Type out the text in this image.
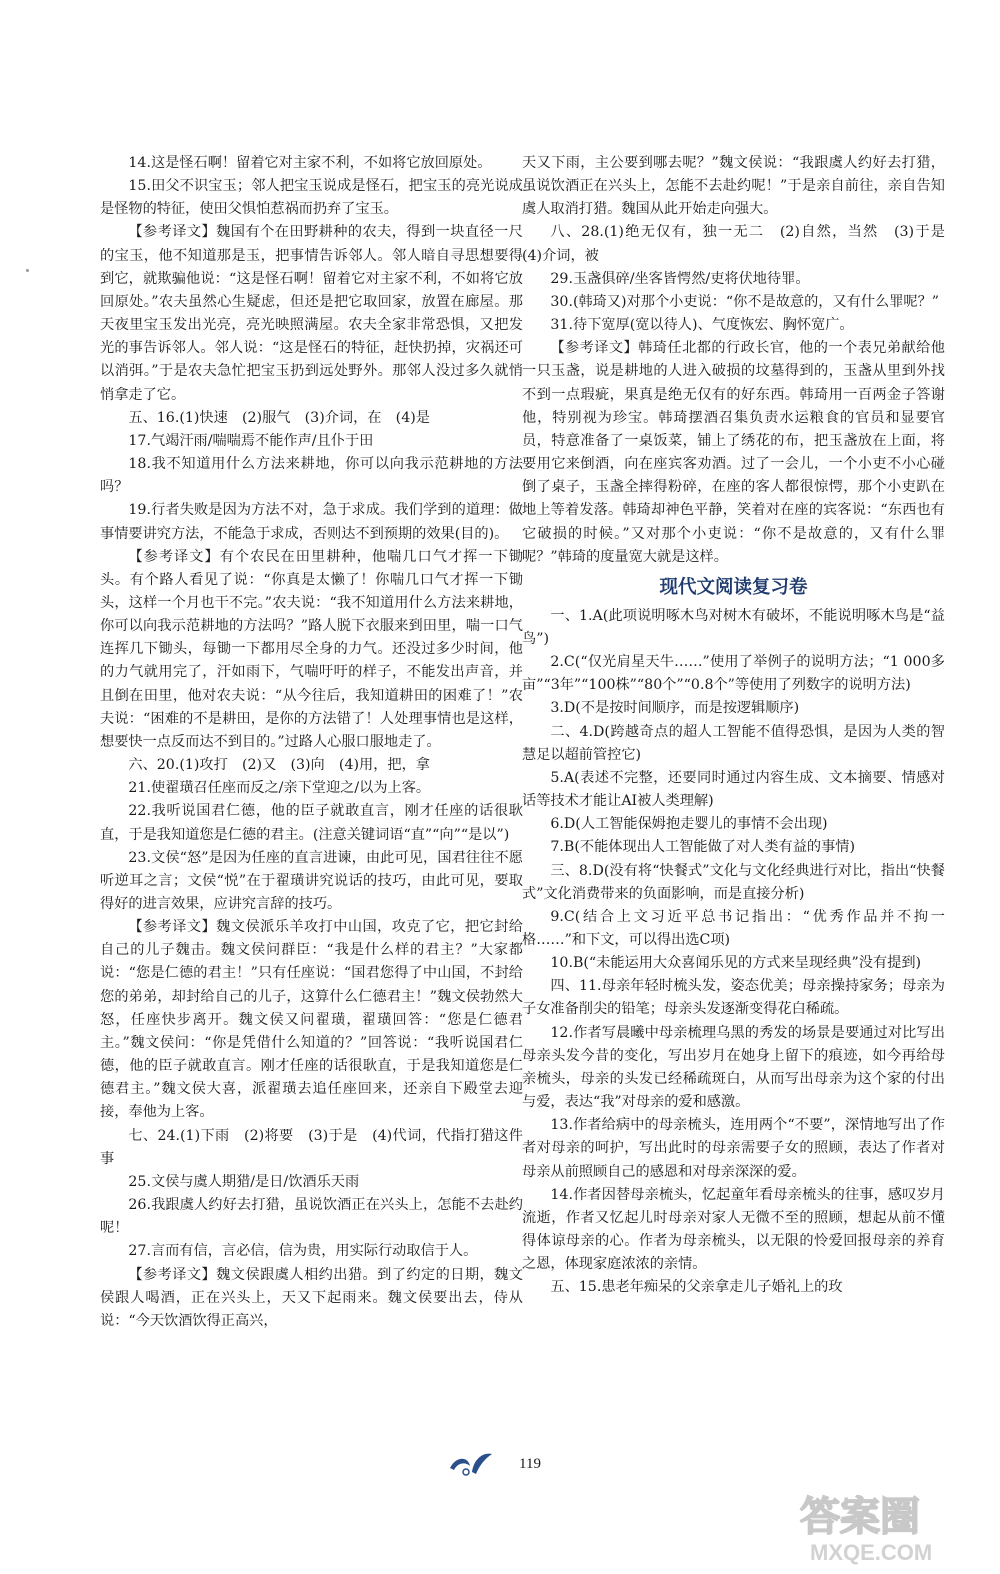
14.这是怪石啊！留着它对主家不利，不如将它放回原处。

15.田父不识宝玉；邻人把宝玉说成是怪石，把宝玉的亮光说成是怪物的特征，使田父惧怕惹祸而扔弃了宝玉。

【参考译文】魏国有个在田野耕种的农夫，得到一块直径一尺的宝玉，他不知道那是玉，把事情告诉邻人。邻人暗自寻思想要得到它，就欺骗他说：“这是怪石啊！留着它对主家不利，不如将它放回原处。”农夫虽然心生疑虑，但还是把它取回家，放置在廊屋。那天夜里宝玉发出光亮，亮光映照满屋。农夫全家非常恐惧，又把发光的事告诉邻人。邻人说：“这是怪石的特征，赶快扔掉，灾祸还可以消弭。”于是农夫急忙把宝玉扔到远处野外。那邻人没过多久就悄悄拿走了它。

五、16.(1)快速　(2)服气　(3)介词，在　(4)是

17.气竭汗雨/喘喘焉不能作声/且仆于田

18.我不知道用什么方法来耕地，你可以向我示范耕地的方法吗？

19.行者失败是因为方法不对，急于求成。我们学到的道理：做事情要讲究方法，不能急于求成，否则达不到预期的效果(目的)。

【参考译文】有个农民在田里耕种，他喘几口气才挥一下锄头。有个路人看见了说：“你真是太懒了！你喘几口气才挥一下锄头，这样一个月也干不完。”农夫说：“我不知道用什么方法来耕地，你可以向我示范耕地的方法吗？”路人脱下衣服来到田里，喘一口气连挥几下锄头，每锄一下都用尽全身的力气。还没过多少时间，他的力气就用完了，汗如雨下，气喘吁吁的样子，不能发出声音，并且倒在田里，他对农夫说：“从今往后，我知道耕田的困难了！”农夫说：“困难的不是耕田，是你的方法错了！人处理事情也是这样，想要快一点反而达不到目的。”过路人心服口服地走了。

六、20.(1)攻打　(2)又　(3)向　(4)用，把，拿

21.使翟璜召任座而反之/亲下堂迎之/以为上客。

22.我听说国君仁德，他的臣子就敢直言，刚才任座的话很耿直，于是我知道您是仁德的君主。(注意关键词语“直”“向”“是以”)

23.文侯“怒”是因为任座的直言进谏，由此可见，国君往往不愿听逆耳之言；文侯“悦”在于翟璜讲究说话的技巧，由此可见，要取得好的进言效果，应讲究言辞的技巧。

【参考译文】魏文侯派乐羊攻打中山国，攻克了它，把它封给自己的儿子魏击。魏文侯问群臣：“我是什么样的君主？”大家都说：“您是仁德的君主！”只有任座说：“国君您得了中山国，不封给您的弟弟，却封给自己的儿子，这算什么仁德君主！”魏文侯勃然大怒，任座快步离开。魏文侯又问翟璜，翟璜回答：“您是仁德君主。”魏文侯问：“你是凭借什么知道的？”回答说：“我听说国君仁德，他的臣子就敢直言。刚才任座的话很耿直，于是我知道您是仁德君主。”魏文侯大喜，派翟璜去追任座回来，还亲自下殿堂去迎接，奉他为上客。

七、24.(1)下雨　(2)将要　(3)于是　(4)代词，代指打猎这件事

25.文侯与虞人期猎/是日/饮酒乐天雨

26.我跟虞人约好去打猎，虽说饮酒正在兴头上，怎能不去赴约呢！

27.言而有信，言必信，信为贵，用实际行动取信于人。

【参考译文】魏文侯跟虞人相约出猎。到了约定的日期，魏文侯跟人喝酒，正在兴头上，天又下起雨来。魏文侯要出去，侍从说：“今天饮酒饮得正高兴，

天又下雨，主公要到哪去呢？”魏文侯说：“我跟虞人约好去打猎，虽说饮酒正在兴头上，怎能不去赴约呢！”于是亲自前往，亲自告知虞人取消打猎。魏国从此开始走向强大。

八、28.(1)绝无仅有，独一无二　(2)自然，当然　(3)于是　(4)介词，被

29.玉盏俱碎/坐客皆愕然/吏将伏地待罪。

30.(韩琦又)对那个小吏说：“你不是故意的，又有什么罪呢？”

31.待下宽厚(宽以待人)、气度恢宏、胸怀宽广。

【参考译文】韩琦任北都的行政长官，他的一个表兄弟献给他一只玉盏，说是耕地的人进入破损的坟墓得到的，玉盏从里到外找不到一点瑕疵，果真是绝无仅有的好东西。韩琦用一百两金子答谢他，特别视为珍宝。韩琦摆酒召集负责水运粮食的官员和显要官员，特意准备了一桌饭菜，铺上了绣花的布，把玉盏放在上面，将要用它来倒酒，向在座宾客劝酒。过了一会儿，一个小吏不小心碰倒了桌子，玉盏全摔得粉碎，在座的客人都很惊愕，那个小吏趴在地上等着发落。韩琦却神色平静，笑着对在座的宾客说：“东西也有它破损的时候。”又对那个小吏说：“你不是故意的，又有什么罪呢？”韩琦的度量宽大就是这样。

现代文阅读复习卷

一、1.A(此项说明啄木鸟对树木有破坏，不能说明啄木鸟是“益鸟”)

2.C(“仅光肩星天牛……”使用了举例子的说明方法；“1 000多亩”“3年”“100株”“80个”“0.8个”等使用了列数字的说明方法)

3.D(不是按时间顺序，而是按逻辑顺序)

二、4.D(跨越奇点的超人工智能不值得恐惧，是因为人类的智慧足以超前管控它)

5.A(表述不完整，还要同时通过内容生成、文本摘要、情感对话等技术才能让AI被人类理解)

6.D(人工智能保姆抱走婴儿的事情不会出现)

7.B(不能体现出人工智能做了对人类有益的事情)

三、8.D(没有将“快餐式”文化与文化经典进行对比，指出“快餐式”文化消费带来的负面影响，而是直接分析)

9.C(结合上文习近平总书记指出：“优秀作品并不拘一格……”和下文，可以得出选C项)

10.B(“未能运用大众喜闻乐见的方式来呈现经典”没有提到)

四、11.母亲年轻时梳头发，姿态优美；母亲操持家务；母亲为子女准备削尖的铅笔；母亲头发逐渐变得花白稀疏。

12.作者写晨曦中母亲梳理乌黑的秀发的场景是要通过对比写出母亲头发今昔的变化，写出岁月在她身上留下的痕迹，如今再给母亲梳头，母亲的头发已经稀疏斑白，从而写出母亲为这个家的付出与爱，表达“我”对母亲的爱和感激。

13.作者给病中的母亲梳头，连用两个“不要”，深情地写出了作者对母亲的呵护，写出此时的母亲需要子女的照顾，表达了作者对母亲从前照顾自己的感恩和对母亲深深的爱。

14.作者因替母亲梳头，忆起童年看母亲梳头的往事，感叹岁月流逝，作者又忆起儿时母亲对家人无微不至的照顾，想起从前不懂得体谅母亲的心。作者为母亲梳头，以无限的怜爱回报母亲的养育之恩，体现家庭浓浓的亲情。

五、15.患老年痴呆的父亲拿走儿子婚礼上的玫

119
答案圈
MXQE.COM
